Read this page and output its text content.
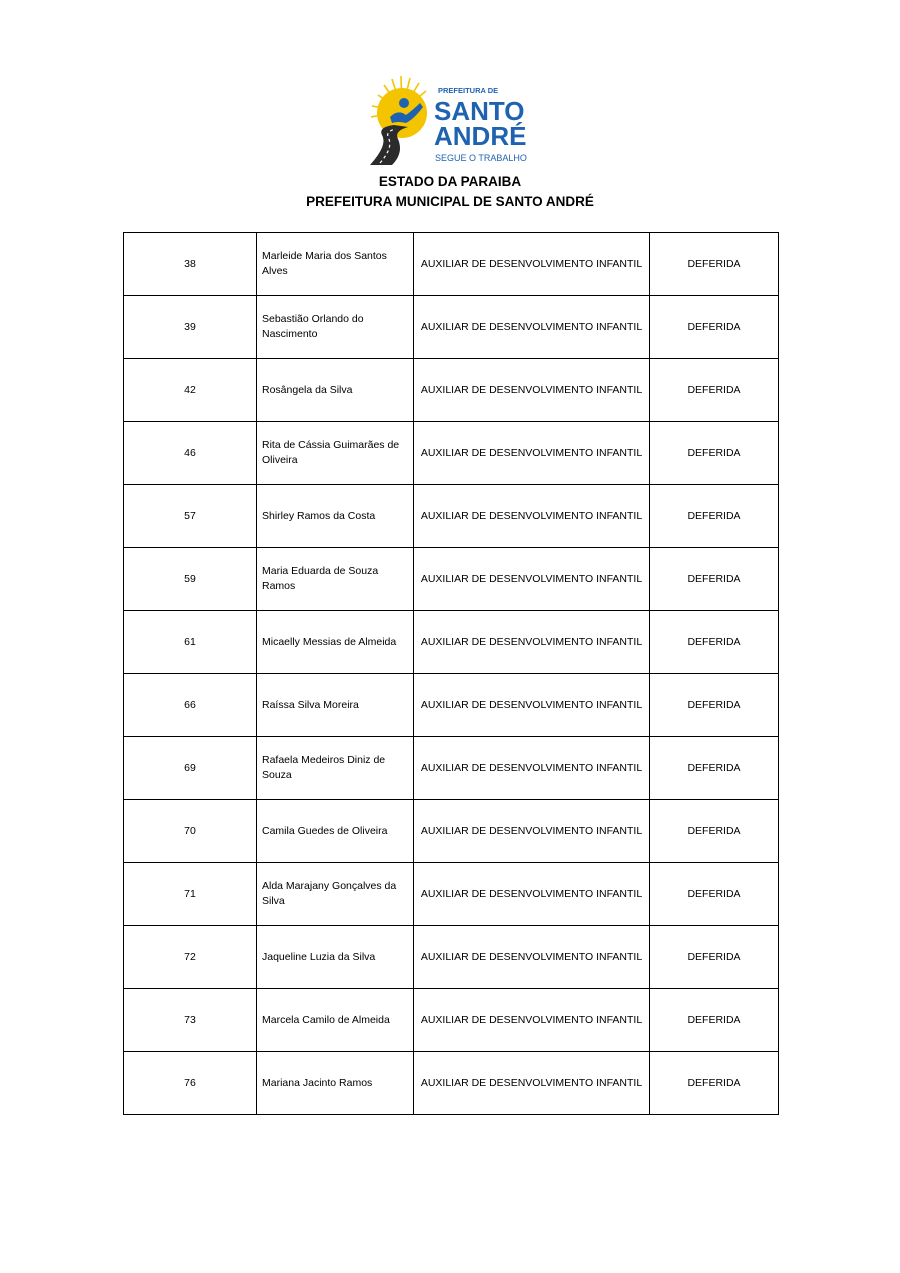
PREFEITURA DE
SANTO
ANDRÉ
SEGUE O TRABALHO
ESTADO DA PARAIBA
PREFEITURA MUNICIPAL DE SANTO ANDRÉ
38	Marleide Maria dos Santos Alves	AUXILIAR DE DESENVOLVIMENTO INFANTIL	DEFERIDA
39	Sebastião Orlando do Nascimento	AUXILIAR DE DESENVOLVIMENTO INFANTIL	DEFERIDA
42	Rosângela da Silva	AUXILIAR DE DESENVOLVIMENTO INFANTIL	DEFERIDA
46	Rita de Cássia Guimarães de Oliveira	AUXILIAR DE DESENVOLVIMENTO INFANTIL	DEFERIDA
57	Shirley Ramos da Costa	AUXILIAR DE DESENVOLVIMENTO INFANTIL	DEFERIDA
59	Maria Eduarda de Souza Ramos	AUXILIAR DE DESENVOLVIMENTO INFANTIL	DEFERIDA
61	Micaelly Messias de Almeida	AUXILIAR DE DESENVOLVIMENTO INFANTIL	DEFERIDA
66	Raíssa Silva Moreira	AUXILIAR DE DESENVOLVIMENTO INFANTIL	DEFERIDA
69	Rafaela Medeiros Diniz de Souza	AUXILIAR DE DESENVOLVIMENTO INFANTIL	DEFERIDA
70	Camila Guedes de Oliveira	AUXILIAR DE DESENVOLVIMENTO INFANTIL	DEFERIDA
71	Alda Marajany Gonçalves da Silva	AUXILIAR DE DESENVOLVIMENTO INFANTIL	DEFERIDA
72	Jaqueline Luzia da Silva	AUXILIAR DE DESENVOLVIMENTO INFANTIL	DEFERIDA
73	Marcela Camilo de Almeida	AUXILIAR DE DESENVOLVIMENTO INFANTIL	DEFERIDA
76	Mariana Jacinto Ramos	AUXILIAR DE DESENVOLVIMENTO INFANTIL	DEFERIDA
